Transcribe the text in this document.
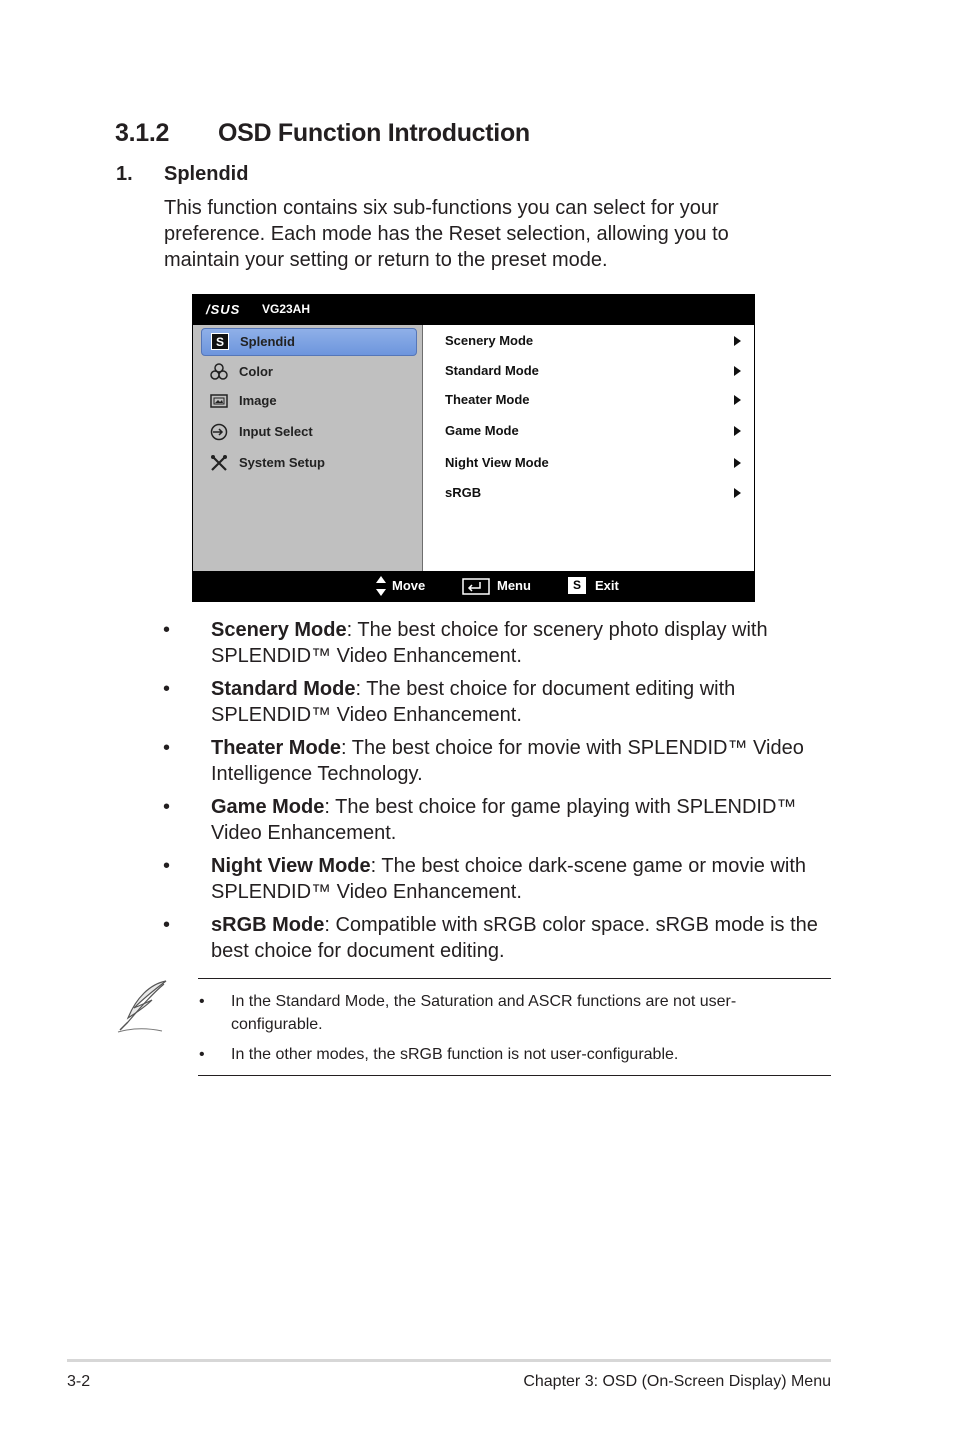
3.1.2 OSD Function Introduction
1. Splendid
This function contains six sub-functions you can select for your preference. Each mode has the Reset selection, allowing you to maintain your setting or return to the preset mode.
/SUS VG23AH
S	Splendid
Color
Image
Input Select
System Setup
Scenery Mode
Standard Mode
Theater Mode
Game Mode
Night View Mode
sRGB
Move	Menu	S	Exit
• Scenery Mode: The best choice for scenery photo display with SPLENDID™ Video Enhancement.
• Standard Mode: The best choice for document editing with SPLENDID™ Video Enhancement.
• Theater Mode: The best choice for movie with SPLENDID™ Video Intelligence Technology.
• Game Mode: The best choice for game playing with SPLENDID™ Video Enhancement.
• Night View Mode: The best choice dark-scene game or movie with SPLENDID™ Video Enhancement.
• sRGB Mode: Compatible with sRGB color space. sRGB mode is the best choice for document editing.
• In the Standard Mode, the Saturation and ASCR functions are not user-configurable.
• In the other modes, the sRGB function is not user-configurable.
3-2	Chapter 3: OSD (On-Screen Display) Menu
